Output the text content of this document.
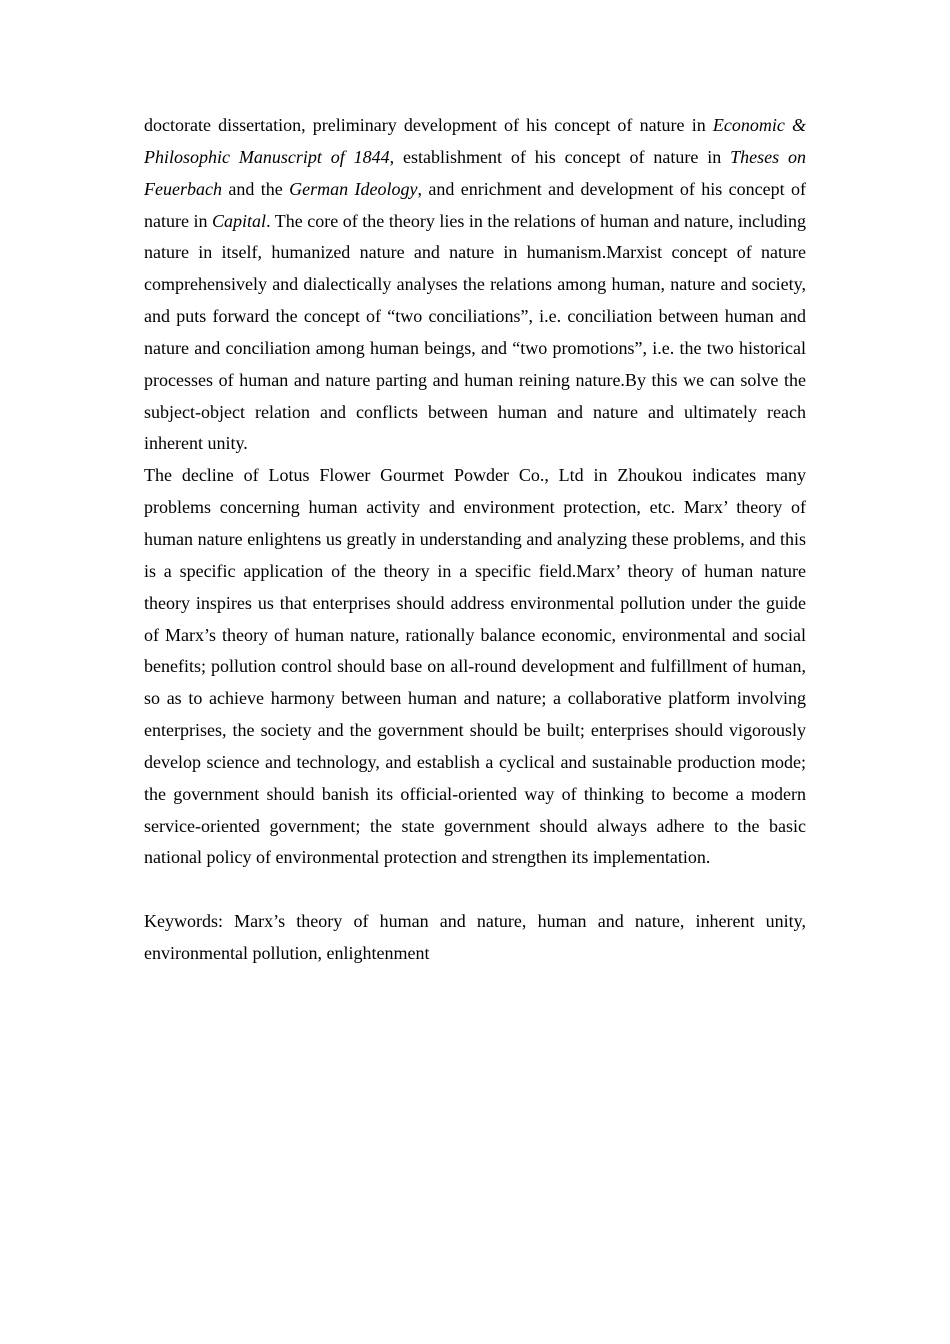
doctorate dissertation, preliminary development of his concept of nature in Economic & Philosophic Manuscript of 1844, establishment of his concept of nature in Theses on Feuerbach and the German Ideology, and enrichment and development of his concept of nature in Capital. The core of the theory lies in the relations of human and nature, including nature in itself, humanized nature and nature in humanism.Marxist concept of nature comprehensively and dialectically analyses the relations among human, nature and society, and puts forward the concept of “two conciliations”, i.e. conciliation between human and nature and conciliation among human beings, and “two promotions”, i.e. the two historical processes of human and nature parting and human reining nature.By this we can solve the subject-object relation and conflicts between human and nature and ultimately reach inherent unity.

The decline of Lotus Flower Gourmet Powder Co., Ltd in Zhoukou indicates many problems concerning human activity and environment protection, etc. Marx’ theory of human nature enlightens us greatly in understanding and analyzing these problems, and this is a specific application of the theory in a specific field.Marx’ theory of human nature theory inspires us that enterprises should address environmental pollution under the guide of Marx’s theory of human nature, rationally balance economic, environmental and social benefits; pollution control should base on all-round development and fulfillment of human, so as to achieve harmony between human and nature; a collaborative platform involving enterprises, the society and the government should be built; enterprises should vigorously develop science and technology, and establish a cyclical and sustainable production mode; the government should banish its official-oriented way of thinking to become a modern service-oriented government; the state government should always adhere to the basic national policy of environmental protection and strengthen its implementation.

Keywords: Marx’s theory of human and nature, human and nature, inherent unity, environmental pollution, enlightenment
